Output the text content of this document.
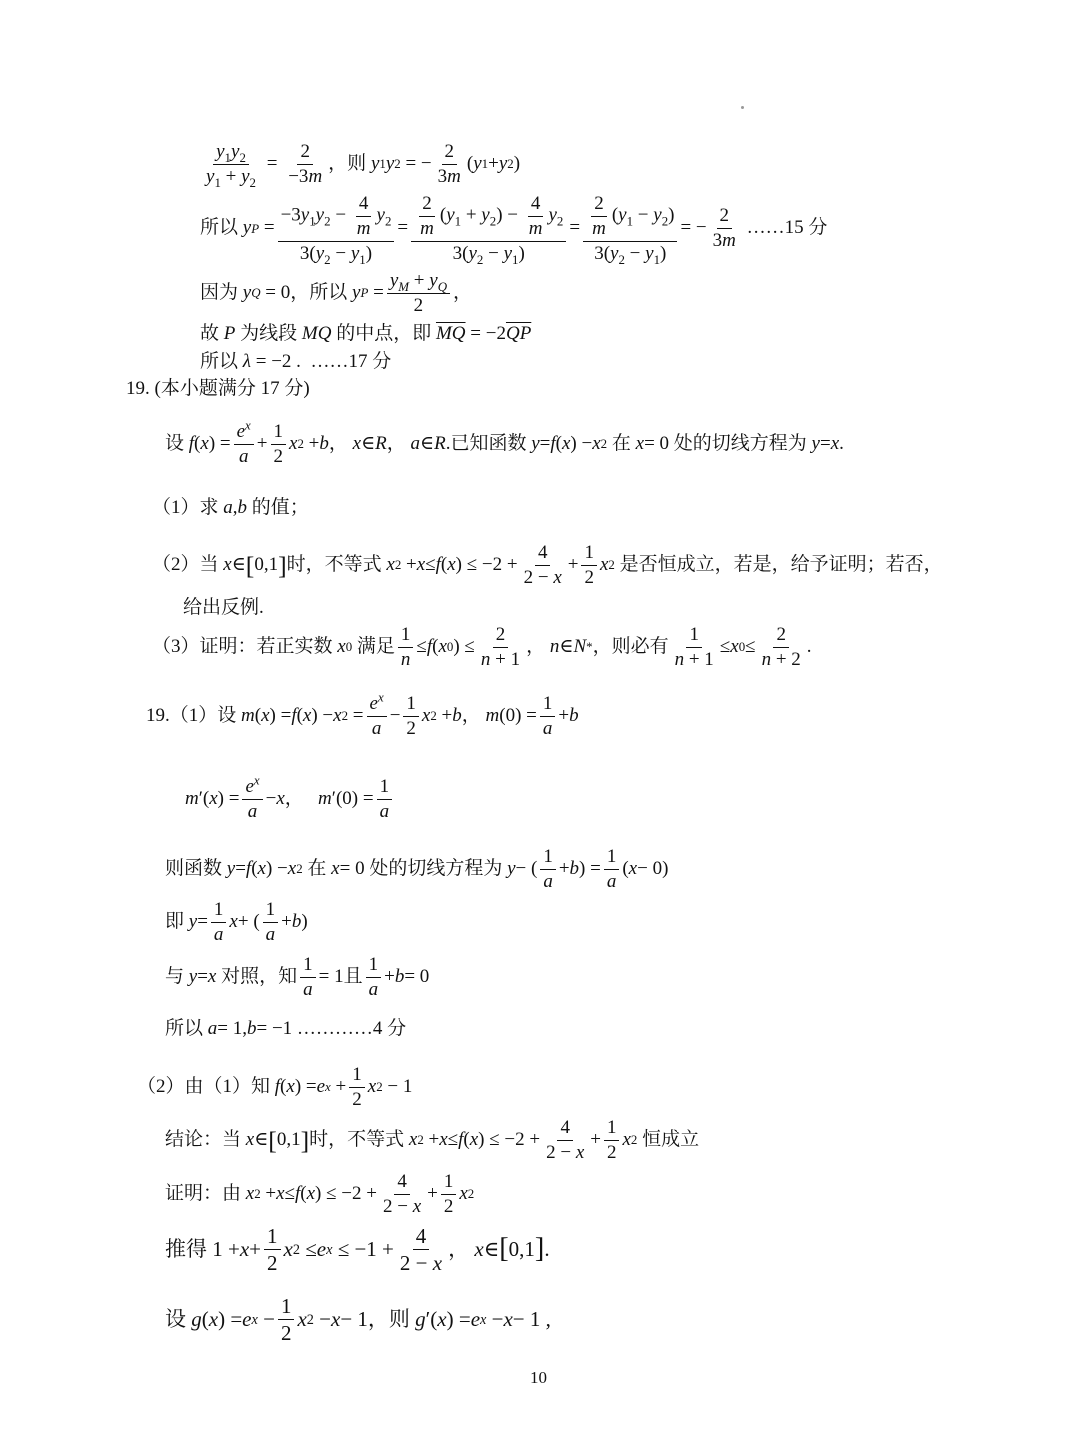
$\frac{y_1y_2}{y_1 + y_2} = \frac{2}{-3m}$ ，则
y 1 y 2 = − $\frac{2}{3m}$ ( y 1 + y 2 )
所以
y $P = \frac{-3y_1y_2 - \frac{4}{m} y_2}{3(y_2 - y_1)} = \frac{\frac{2}{m} (y_1 + y_2) - \frac{4}{m} y_2}{3(y_2 - y_1)} = \frac{\frac{2}{m} (y_1 - y_2)}{3(y_2 - y_1)}$ = − $\frac{2}{3m}$
……15 分
因为
y Q = 0 ， 所以
y $P = \frac{y_M + y_Q}{2}$ ，
故
P
为线段
MQ
的中点，即
$\overline{MQ} = -2$ $\overline{QP}$
所以
λ = −2 . ……17 分
19. (本小题满分 17 分)
设
f ( x ) = $\frac{e^x}{a} + \frac{1}{2}$ x 2 + b ，
x ∈ R ，
a ∈ R .已知函数
y = f ( x ) − x 2
在
x = 0 处的切线方程为
y = x .
（1）求
a , b
的值；
（2）当
x ∈ [ 0,1 ] 时，不等式
x 2 + x ≤ f ( x ) ≤ $-2 + \frac{4}{2 - x} + \frac{1}{2}$ x 2
是否恒成立，若是，给予证明；若否，
给出反例.
（3）证明：若正实数
x 0
满足 $\frac{1}{n} \le f$ ( x 0 ) ≤ $\frac{2}{n + 1}$ ，
n ∈ N * ，则必有 $\frac{1}{n + 1} \le x$ $0 \le \frac{2}{n + 2}$ .
19.（1）设
m ( x ) = f ( x ) − x $2 = \frac{e^x}{a} - \frac{1}{2}$ x 2 + b ，
m $(0) = \frac{1}{a} + b$
m ′( x ) = $\frac{e^x}{a} - x$ ，
m $'(0) = \frac{1}{a}$
则函数
y = f ( x ) − x 2
在
x = 0 处的切线方程为
y − ( $\frac{1}{a} + b$ ) = $\frac{1}{a}$ ( x − 0)
即
$y = \frac{1}{a}$ x + ( $\frac{1}{a} + b$ )
与
y = x
对照，知 $\frac{1}{a} = 1$ 且 $\frac{1}{a} + b = 0$
所以
a = 1, b = −1 …………4 分
（2）由（1）知
f ( x ) = e $x + \frac{1}{2}$ x 2 − 1
结论：当
x ∈ [ 0,1 ] 时，不等式
x 2 + x ≤ f ( x ) ≤ $-2 + \frac{4}{2 - x} + \frac{1}{2}$ x 2
恒成立
证明：由
x 2 + x ≤ f ( x ) ≤ $-2 + \frac{4}{2 - x} + \frac{1}{2}$ x 2
推得 $1 + x + \frac{1}{2}$ x 2 ≤ e $x \le -1 + \frac{4}{2 - x}$ ，
x ∈ [ 0,1 ] .
设
g ( x ) = e $x - \frac{1}{2}$ x 2 − x − 1 ，则
g ′( x ) = e x − x − 1 ,
10
